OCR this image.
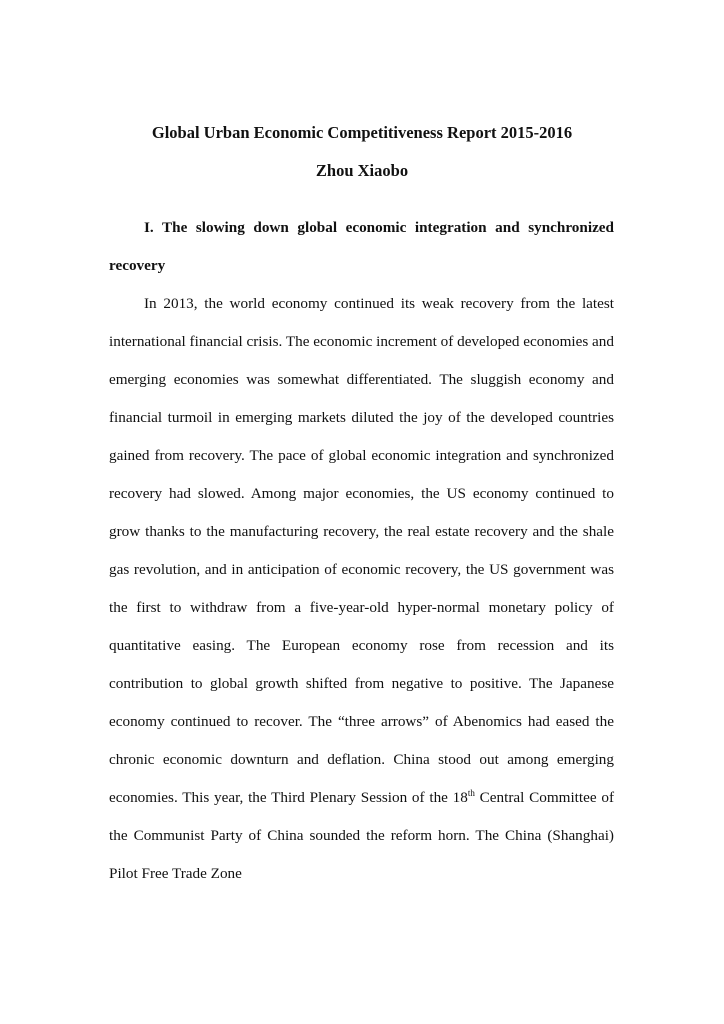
Global Urban Economic Competitiveness Report 2015-2016
Zhou Xiaobo
I. The slowing down global economic integration and synchronized recovery
In 2013, the world economy continued its weak recovery from the latest international financial crisis. The economic increment of developed economies and emerging economies was somewhat differentiated. The sluggish economy and financial turmoil in emerging markets diluted the joy of the developed countries gained from recovery. The pace of global economic integration and synchronized recovery had slowed. Among major economies, the US economy continued to grow thanks to the manufacturing recovery, the real estate recovery and the shale gas revolution, and in anticipation of economic recovery, the US government was the first to withdraw from a five-year-old hyper-normal monetary policy of quantitative easing. The European economy rose from recession and its contribution to global growth shifted from negative to positive. The Japanese economy continued to recover. The “three arrows” of Abenomics had eased the chronic economic downturn and deflation. China stood out among emerging economies. This year, the Third Plenary Session of the 18th Central Committee of the Communist Party of China sounded the reform horn. The China (Shanghai) Pilot Free Trade Zone
